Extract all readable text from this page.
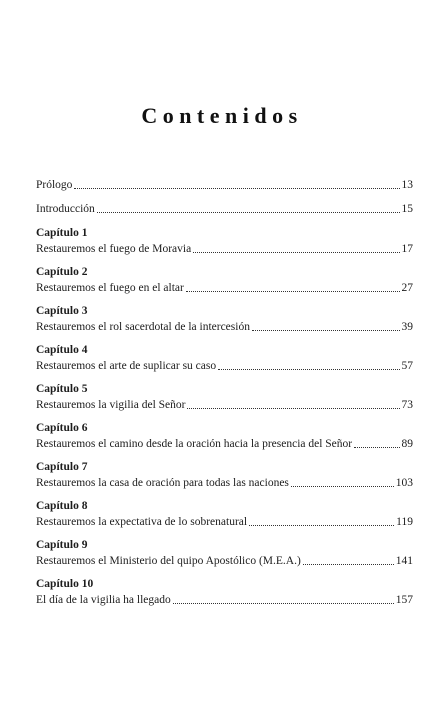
Contenidos
Prólogo	13
Introducción	15
Capítulo 1
Restauremos el fuego de Moravia	17
Capítulo 2
Restauremos el fuego en el altar	27
Capítulo 3
Restauremos el rol sacerdotal de la intercesión	39
Capítulo 4
Restauremos el arte de suplicar su caso	57
Capítulo 5
Restauremos la vigilia del Señor	73
Capítulo 6
Restauremos el camino desde la oración hacia la presencia del Señor	89
Capítulo 7
Restauremos la casa de oración para todas las naciones	103
Capítulo 8
Restauremos la expectativa de lo sobrenatural	119
Capítulo 9
Restauremos el Ministerio del quipo Apostólico (M.E.A.)	141
Capítulo 10
El día de la vigilia ha llegado	157
